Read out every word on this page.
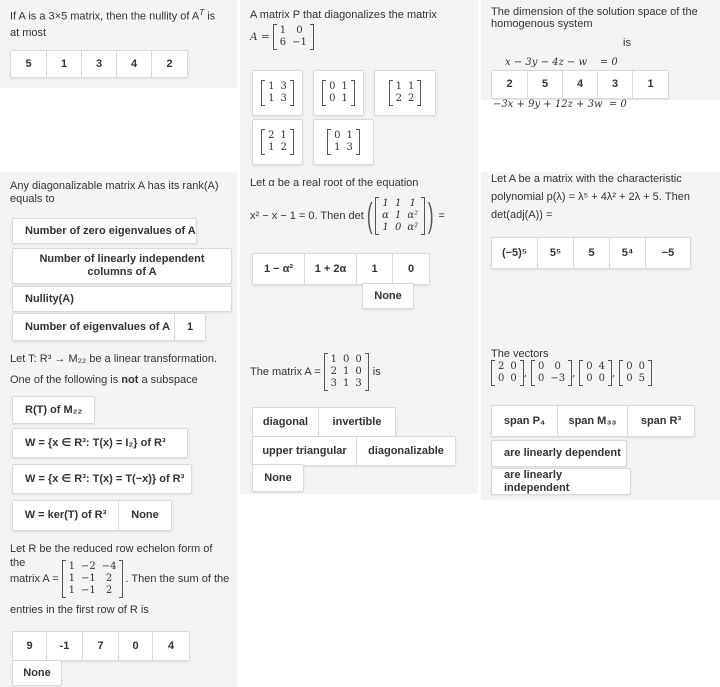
If A is a 3×5 matrix, then the nullity of $A^T$ is
at most
5	1	3	4	2
A matrix P that diagonalizes the matrix
A =
1	0
6 −1
1 3
1 3
0 1
0 1
1 1
2 2
2 1
1 2
0 1
1 3
The dimension of the solution space of the homogenous system

x − 3y − 4z − w    = 0

−3x + 9y + 12z + 3w  = 0

is
2	5	4	3	1
Any diagonalizable matrix A has its rank(A) equals to
Number of zero eigenvalues of A
Number of linearly independent columns of A
Nullity(A)
Number of eigenvalues of A	1
Let α be a real root of the equation
x² − x − 1 = 0. Then det ( 1 1 1
α 1 α²
1 0 α² ) =
1 − α²	1 + 2α	1	0
None
Let A be a matrix with the characteristic
polynomial p(λ) = λ⁵ + 4λ² + 2λ + 5. Then
det(adj(A)) =
(−5)⁵	5⁵	5	5⁴	−5
Let T: R³ → M₂₂ be a linear transformation.
One of the following is not a subspace
R(T) of M₂₂
W = {x ∈ R³: T(x) = I₂} of R³
W = {x ∈ R³: T(x) = T(−x)} of R³
W = ker(T) of R³	None
The matrix A =
1 0 0
2 1 0
3 1 3
is
diagonal	invertible
upper triangular	diagonalizable
None
The vectors
2 0
0 0 ,
0	0
0 −3 ,
0 4
0 0 ,
0 0
0 5
span P₄	span M₃₃	span R³
are linearly dependent
are linearly independent
Let R be the reduced row echelon form of the
matrix A =
1 −2 −4
1 −1	2
1 −1	2
. Then the sum of the
entries in the first row of R is
9	-1	7	0	4
None
